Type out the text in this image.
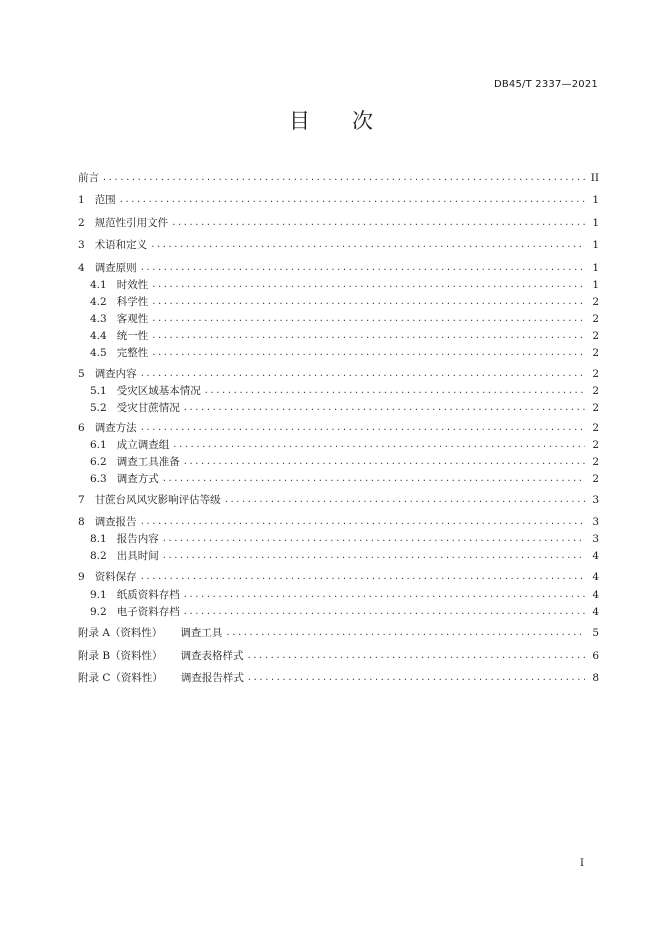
DB45/T 2337—2021
目 次
前言 .....	II
1 范围 .....	1
2 规范性引用文件 .....	1
3 术语和定义 .....	1
4 调查原则 .....	1
4.1 时效性 .....	1
4.2 科学性 .....	2
4.3 客观性 .....	2
4.4 统一性 .....	2
4.5 完整性 .....	2
5 调查内容 .....	2
5.1 受灾区域基本情况 .....	2
5.2 受灾甘蔗情况 .....	2
6 调查方法 .....	2
6.1 成立调查组 .....	2
6.2 调查工具准备 .....	2
6.3 调查方式 .....	2
7 甘蔗台风风灾影响评估等级 .....	3
8 调查报告 .....	3
8.1 报告内容 .....	3
8.2 出具时间 .....	4
9 资料保存 .....	4
9.1 纸质资料存档 .....	4
9.2 电子资料存档 .....	4
附录 A（资料性） 调查工具 .....	5
附录 B（资料性） 调查表格样式 .....	6
附录 C（资料性） 调查报告样式 .....	8
I
